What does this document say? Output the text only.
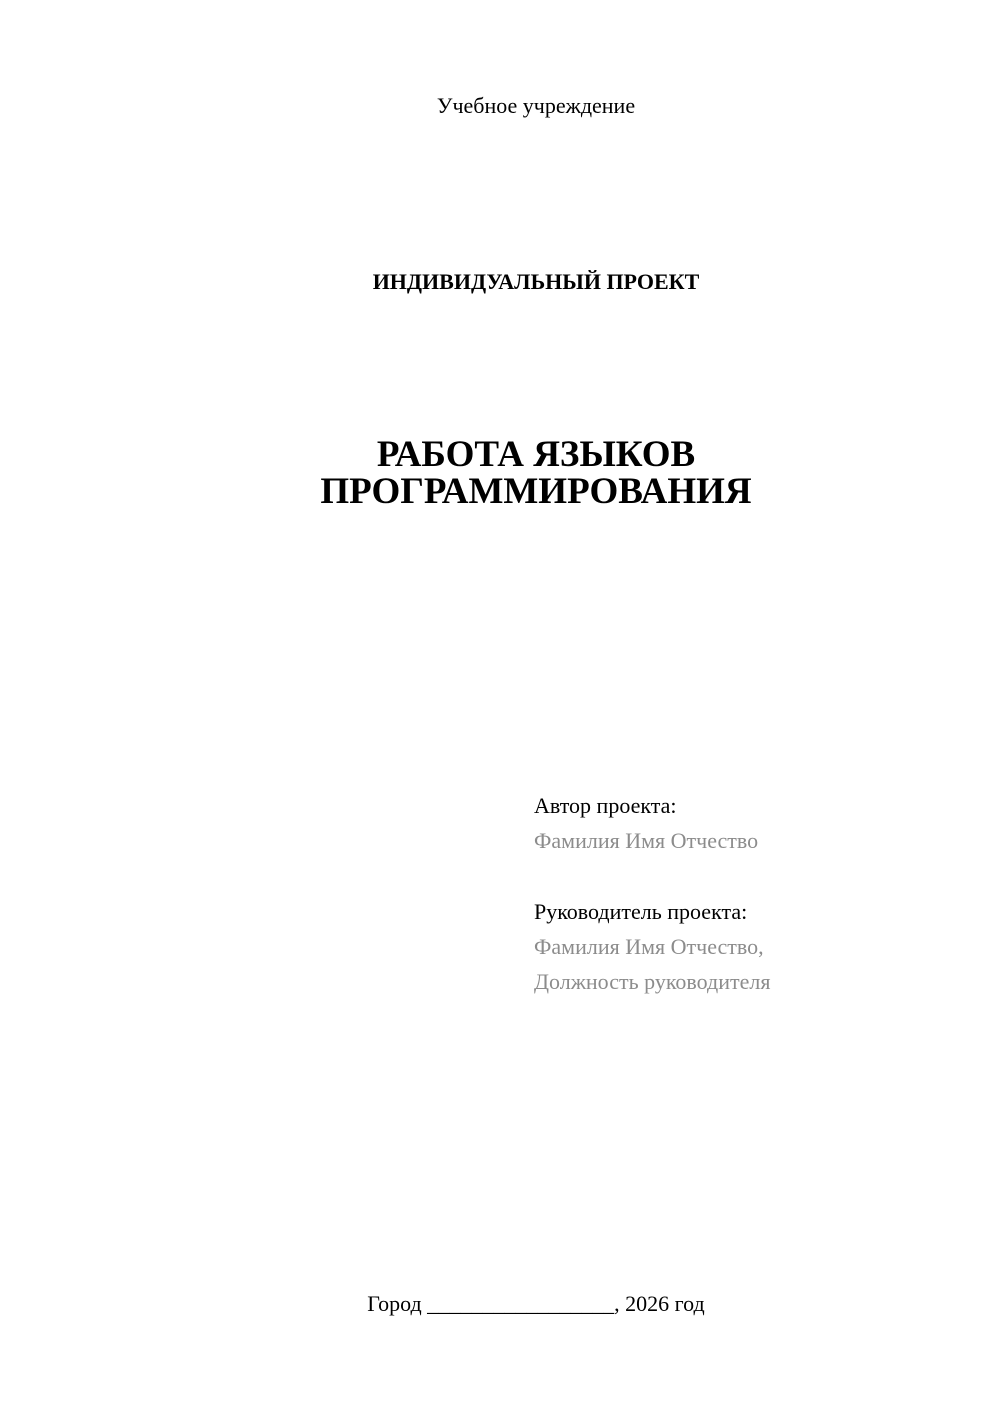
Учебное учреждение
ИНДИВИДУАЛЬНЫЙ ПРОЕКТ
РАБОТА ЯЗЫКОВ
ПРОГРАММИРОВАНИЯ
Автор проекта:
Фамилия Имя Отчество
Руководитель проекта:
Фамилия Имя Отчество,
Должность руководителя
Город _________________, 2026 год
